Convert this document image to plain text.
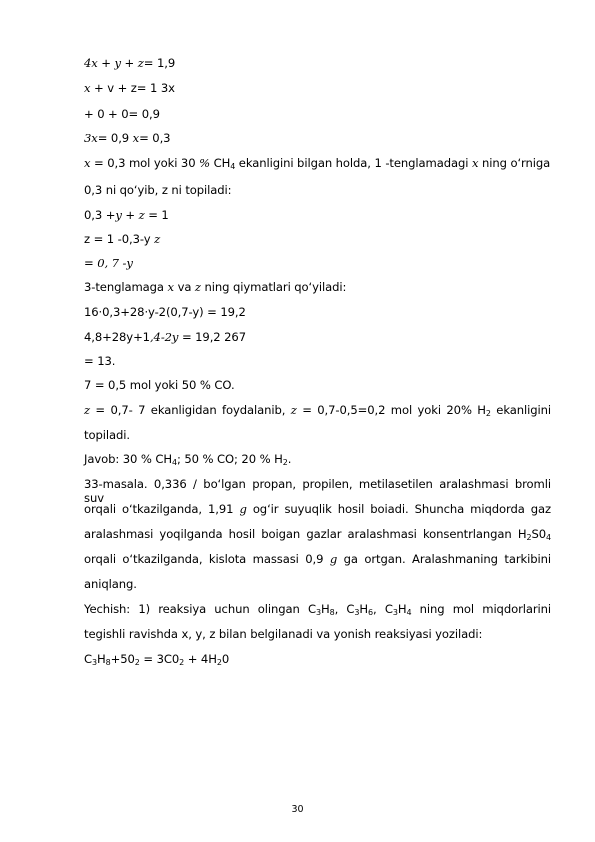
4x + y + z= 1,9
x + v + z= 1 3x
+ 0 + 0= 0,9
3x= 0,9 x= 0,3
x = 0,3 mol yoki 30 % $CH_4$ ekanligini bilgan holda, 1 -tenglamadagi x ning o‘rniga
0,3 ni qo‘yib, z ni topiladi:
0,3 +y + z = 1
z = 1 -0,3-y z
= 0, 7 -y
3-tenglamaga x va z ning qiymatlari qo‘yiladi:
16·0,3+28·y-2(0,7-y) = 19,2
4,8+28y+1,4-2y = 19,2 267
= 13.
7 = 0,5 mol yoki 50 % CO.
z = 0,7- 7 ekanligidan foydalanib, z = 0,7-0,5=0,2 mol yoki 20% $H_2$ ekanligini
topiladi.
Javob: 30 % $CH_4$; 50 % CO; 20 % $H_2$.
33-masala. 0,336 / bo‘lgan propan, propilen, metilasetilen aralashmasi bromli suv
orqali o‘tkazilganda, 1,91 g og‘ir suyuqlik hosil boiadi. Shuncha miqdorda gaz
aralashmasi yoqilganda hosil boigan gazlar aralashmasi konsentrlangan $H_2S0_4$
orqali o‘tkazilganda, kislota massasi 0,9 g ga ortgan. Aralashmaning tarkibini
aniqlang.
Yechish: 1) reaksiya uchun olingan $C_3H_8$, $C_3H_6$, $C_3H_4$ ning mol miqdorlarini
tegishli ravishda x, y, z bilan belgilanadi va yonish reaksiyasi yoziladi:
$C_3H_8+50_2 = 3C0_2 + 4H_20$
30
